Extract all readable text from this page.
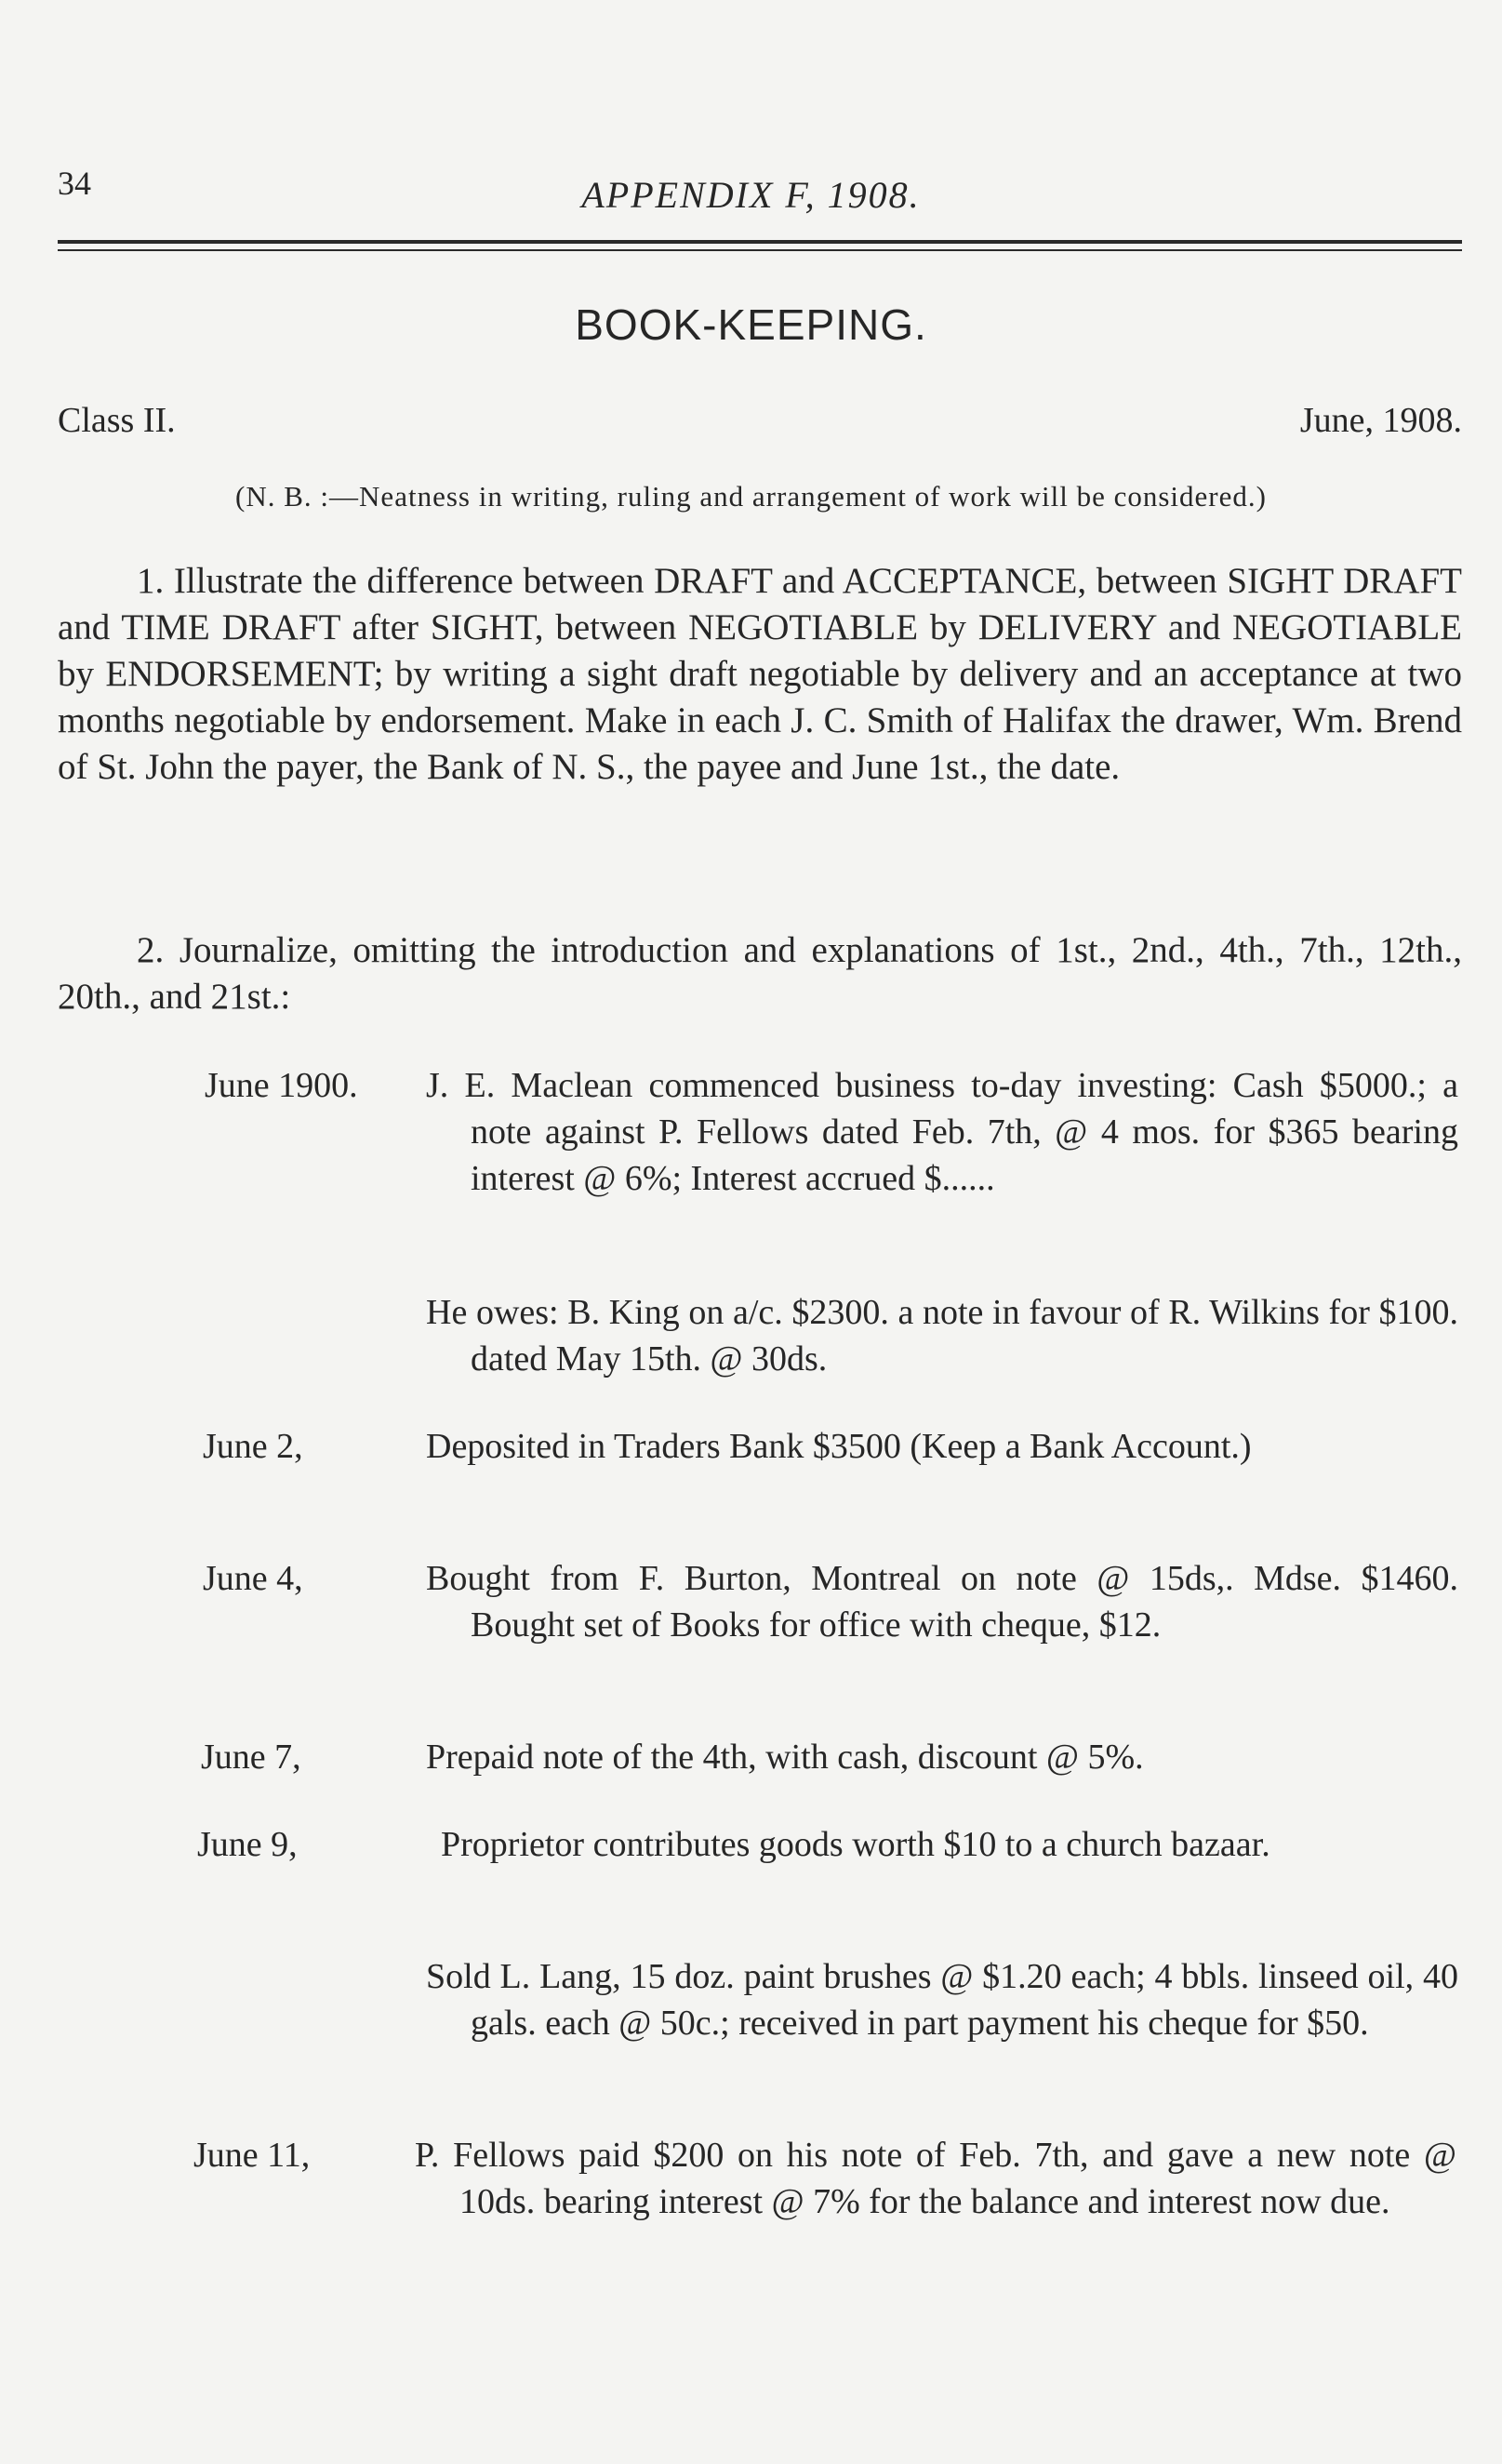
34	APPENDIX F, 1908.
BOOK-KEEPING.
Class II.	June, 1908.
(N. B. :—Neatness in writing, ruling and arrangement of work will be considered.)

1. Illustrate the difference between DRAFT and ACCEPTANCE, between SIGHT DRAFT and TIME DRAFT after SIGHT, between NEGOTIABLE by DELIVERY and NEGOTIABLE by ENDORSEMENT; by writing a sight draft negotiable by delivery and an acceptance at two months negotiable by endorsement. Make in each J. C. Smith of Halifax the drawer, Wm. Brend of St. John the payer, the Bank of N. S., the payee and June 1st., the date.

2. Journalize, omitting the introduction and explanations of 1st., 2nd., 4th., 7th., 12th., 20th., and 21st.:

June 1900. J. E. Maclean commenced business to-day investing: Cash $5000.; a note against P. Fellows dated Feb. 7th, @ 4 mos. for $365 bearing interest @ 6%; Interest accrued $......

He owes: B. King on a/c. $2300. a note in favour of R. Wilkins for $100. dated May 15th. @ 30ds.

June 2,	Deposited in Traders Bank $3500 (Keep a Bank Account.)

June 4,	Bought from F. Burton, Montreal on note @ 15ds,. Mdse. $1460. Bought set of Books for office with cheque, $12.

June 7,	Prepaid note of the 4th, with cash, discount @ 5%.

June 9,	Proprietor contributes goods worth $10 to a church bazaar.

Sold L. Lang, 15 doz. paint brushes @ $1.20 each; 4 bbls. linseed oil, 40 gals. each @ 50c.; received in part payment his cheque for $50.

June 11,	P. Fellows paid $200 on his note of Feb. 7th, and gave a new note @ 10ds. bearing interest @ 7% for the balance and interest now due.
